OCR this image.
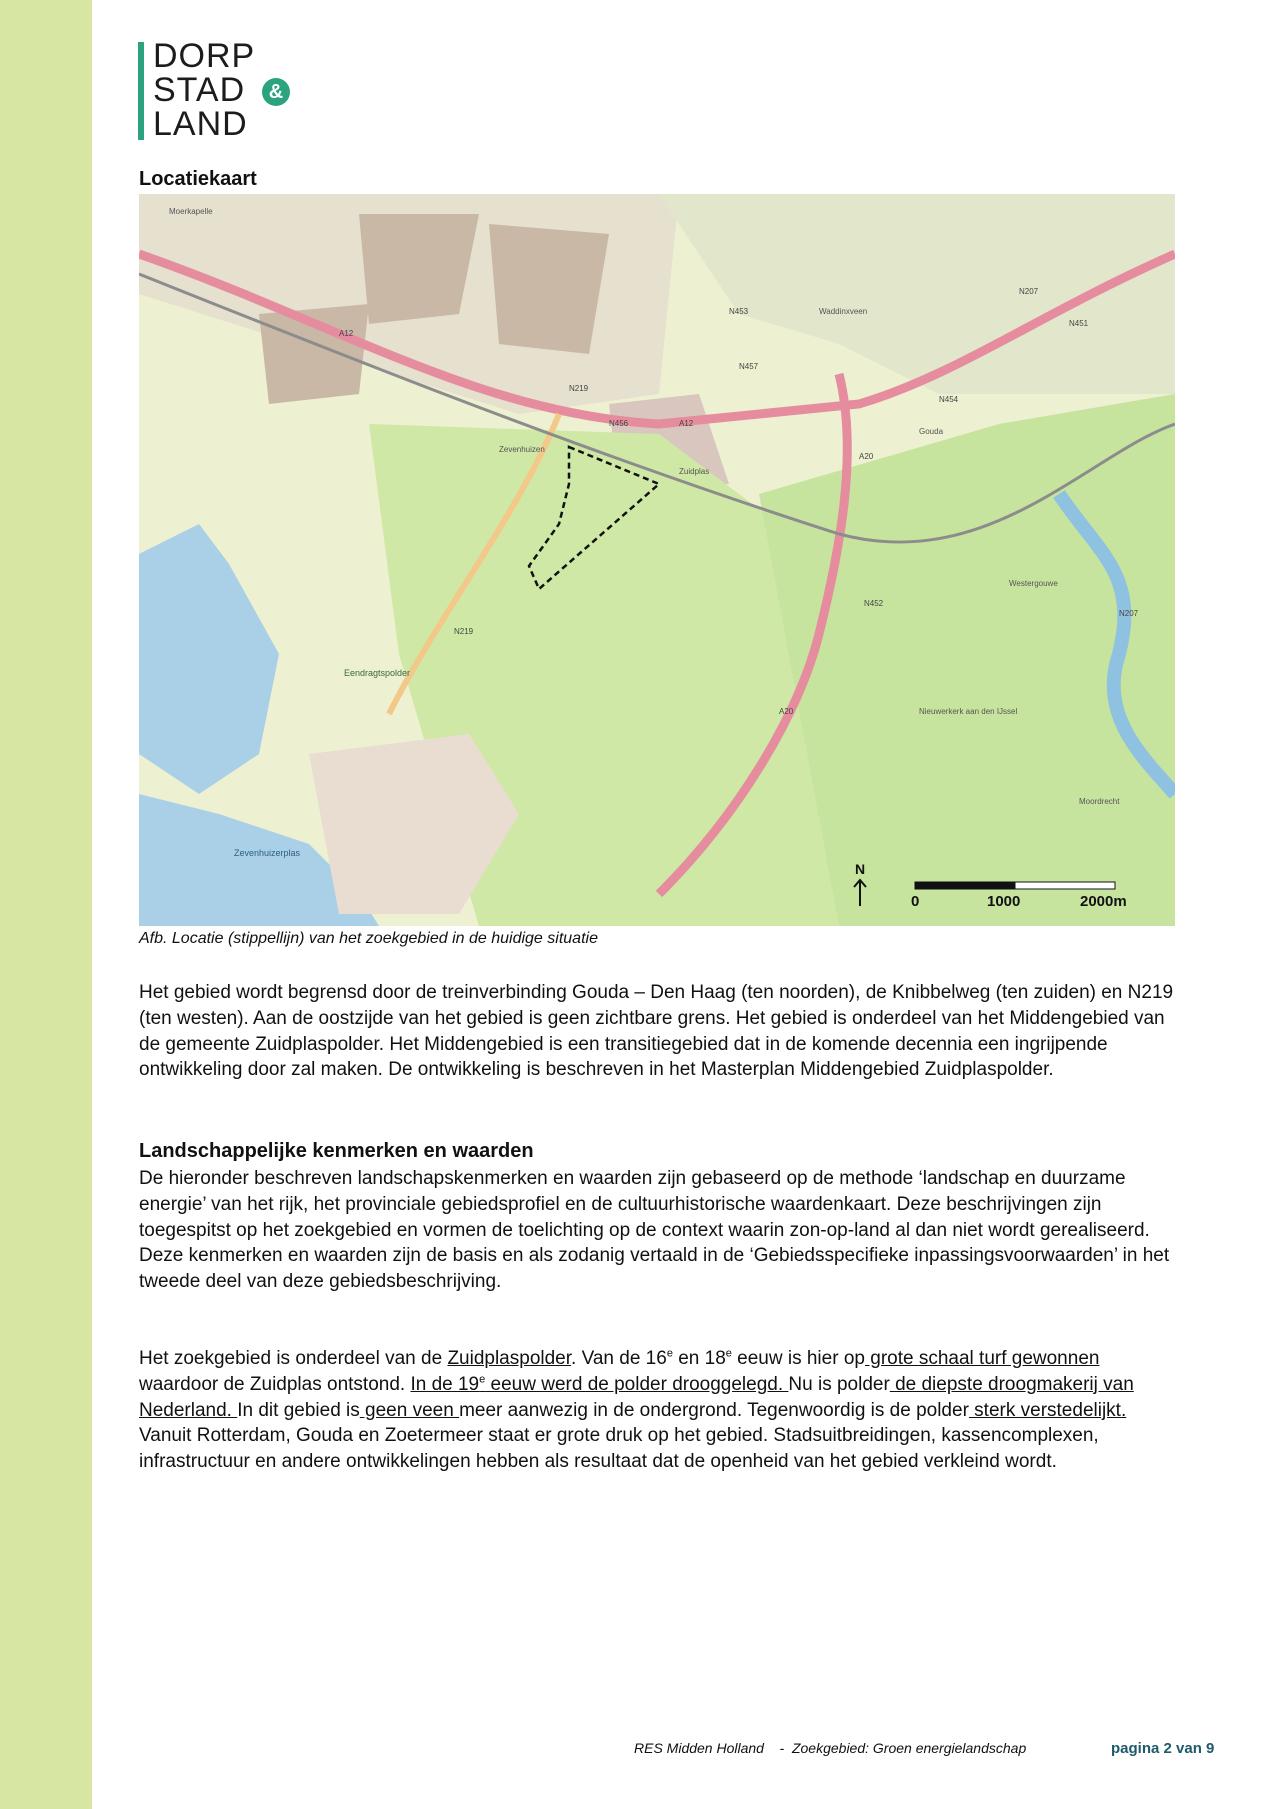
DORP
STAD	&
LAND
Locatiekaart
A12
A12
N219
N456
N457
N453
N454
N207
N451
A20
A20
N452
N219
N207
Eendragtspolder
Zevenhuizerplas
Moerkapelle
Zuidplas
Westergouwe
Moordrecht
Nieuwerkerk aan den IJssel
Gouda
Waddinxveen
Zevenhuizen
N
0	1000	2000m
Afb. Locatie (stippellijn) van het zoekgebied in de huidige situatie

Het gebied wordt begrensd door de treinverbinding Gouda – Den Haag (ten noorden), de Knibbelweg (ten zuiden) en N219 (ten westen). Aan de oostzijde van het gebied is geen zichtbare grens. Het gebied is onderdeel van het Middengebied van de gemeente Zuidplaspolder. Het Middengebied is een transitiegebied dat in de komende decennia een ingrijpende ontwikkeling door zal maken. De ontwikkeling is beschreven in het Masterplan Middengebied Zuidplaspolder.

Landschappelijke kenmerken en waarden

De hieronder beschreven landschapskenmerken en waarden zijn gebaseerd op de methode ‘landschap en duurzame energie’ van het rijk, het provinciale gebiedsprofiel en de cultuurhistorische waardenkaart. Deze beschrijvingen zijn toegespitst op het zoekgebied en vormen de toelichting op de context waarin zon-op-land al dan niet wordt gerealiseerd. Deze kenmerken en waarden zijn de basis en als zodanig vertaald in de ‘Gebiedsspecifieke inpassingsvoorwaarden’ in het tweede deel van deze gebiedsbeschrijving.

Het zoekgebied is onderdeel van de Zuidplaspolder. Van de 16e en 18e eeuw is hier op grote schaal turf gewonnen waardoor de Zuidplas ontstond. In de 19e eeuw werd de polder drooggelegd. Nu is polder de diepste droogmakerij van Nederland. In dit gebied is geen veen meer aanwezig in de ondergrond. Tegenwoordig is de polder sterk verstedelijkt. Vanuit Rotterdam, Gouda en Zoetermeer staat er grote druk op het gebied. Stadsuitbreidingen, kassencomplexen, infrastructuur en andere ontwikkelingen hebben als resultaat dat de openheid van het gebied verkleind wordt.

RES Midden Holland    -  Zoekgebied: Groen energielandschap	pagina 2 van 9
